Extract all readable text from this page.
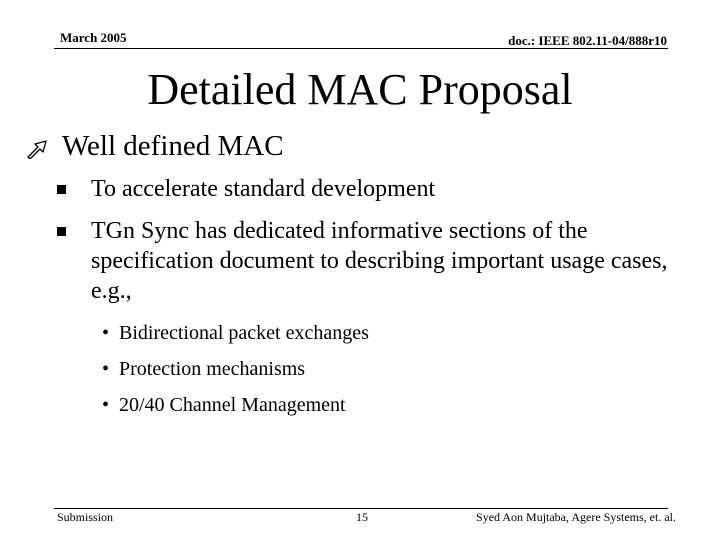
March 2005	doc.: IEEE 802.11-04/888r10
Detailed MAC Proposal
Well defined MAC
To accelerate standard development
TGn Sync has dedicated informative sections of the specification document to describing important usage cases, e.g.,
• Bidirectional packet exchanges
• Protection mechanisms
• 20/40 Channel Management
Submission	15	Syed Aon Mujtaba, Agere Systems, et. al.
